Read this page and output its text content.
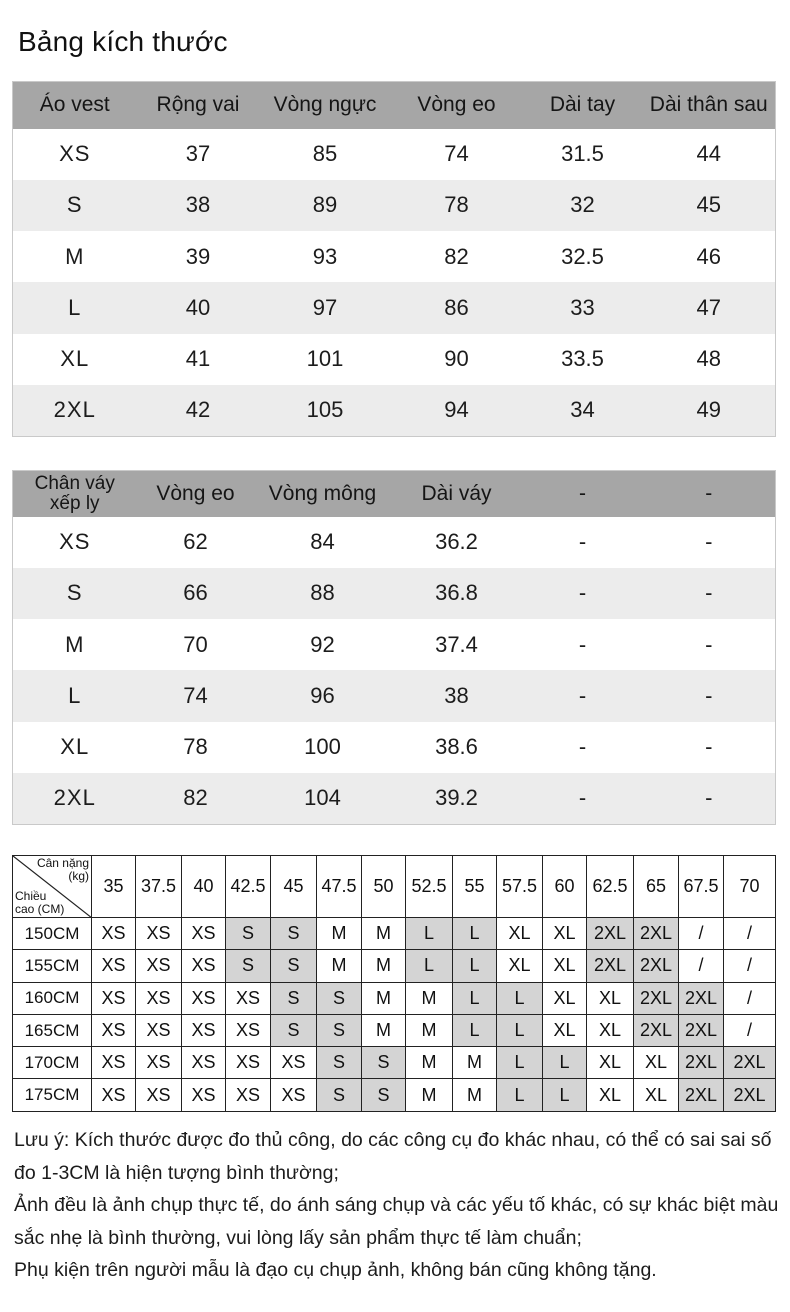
Bảng kích thước
Áo vest	Rộng vai	Vòng ngực	Vòng eo	Dài tay	Dài thân sau
XS	37	85	74	31.5	44
S	38	89	78	32	45
M	39	93	82	32.5	46
L	40	97	86	33	47
XL	41	101	90	33.5	48
2XL	42	105	94	34	49
Chân váy
xếp ly	Vòng eo	Vòng mông	Dài váy	-	-
XS	62	84	36.2	-	-
S	66	88	36.8	-	-
M	70	92	37.4	-	-
L	74	96	38	-	-
XL	78	100	38.6	-	-
2XL	82	104	39.2	-	-
Cân nặng
(kg)
Chiều
cao (CM)	35	37.5	40	42.5	45	47.5	50	52.5	55	57.5	60	62.5	65	67.5	70
150CM	XS	XS	XS	S	S	M	M	L	L	XL	XL	2XL	2XL	/	/
155CM	XS	XS	XS	S	S	M	M	L	L	XL	XL	2XL	2XL	/	/
160CM	XS	XS	XS	XS	S	S	M	M	L	L	XL	XL	2XL	2XL	/
165CM	XS	XS	XS	XS	S	S	M	M	L	L	XL	XL	2XL	2XL	/
170CM	XS	XS	XS	XS	XS	S	S	M	M	L	L	XL	XL	2XL	2XL
175CM	XS	XS	XS	XS	XS	S	S	M	M	L	L	XL	XL	2XL	2XL

Lưu ý: Kích thước được đo thủ công, do các công cụ đo khác nhau, có thể có sai sai số đo 1-3CM là hiện tượng bình thường;

Ảnh đều là ảnh chụp thực tế, do ánh sáng chụp và các yếu tố khác, có sự khác biệt màu sắc nhẹ là bình thường, vui lòng lấy sản phẩm thực tế làm chuẩn;

Phụ kiện trên người mẫu là đạo cụ chụp ảnh, không bán cũng không tặng.
